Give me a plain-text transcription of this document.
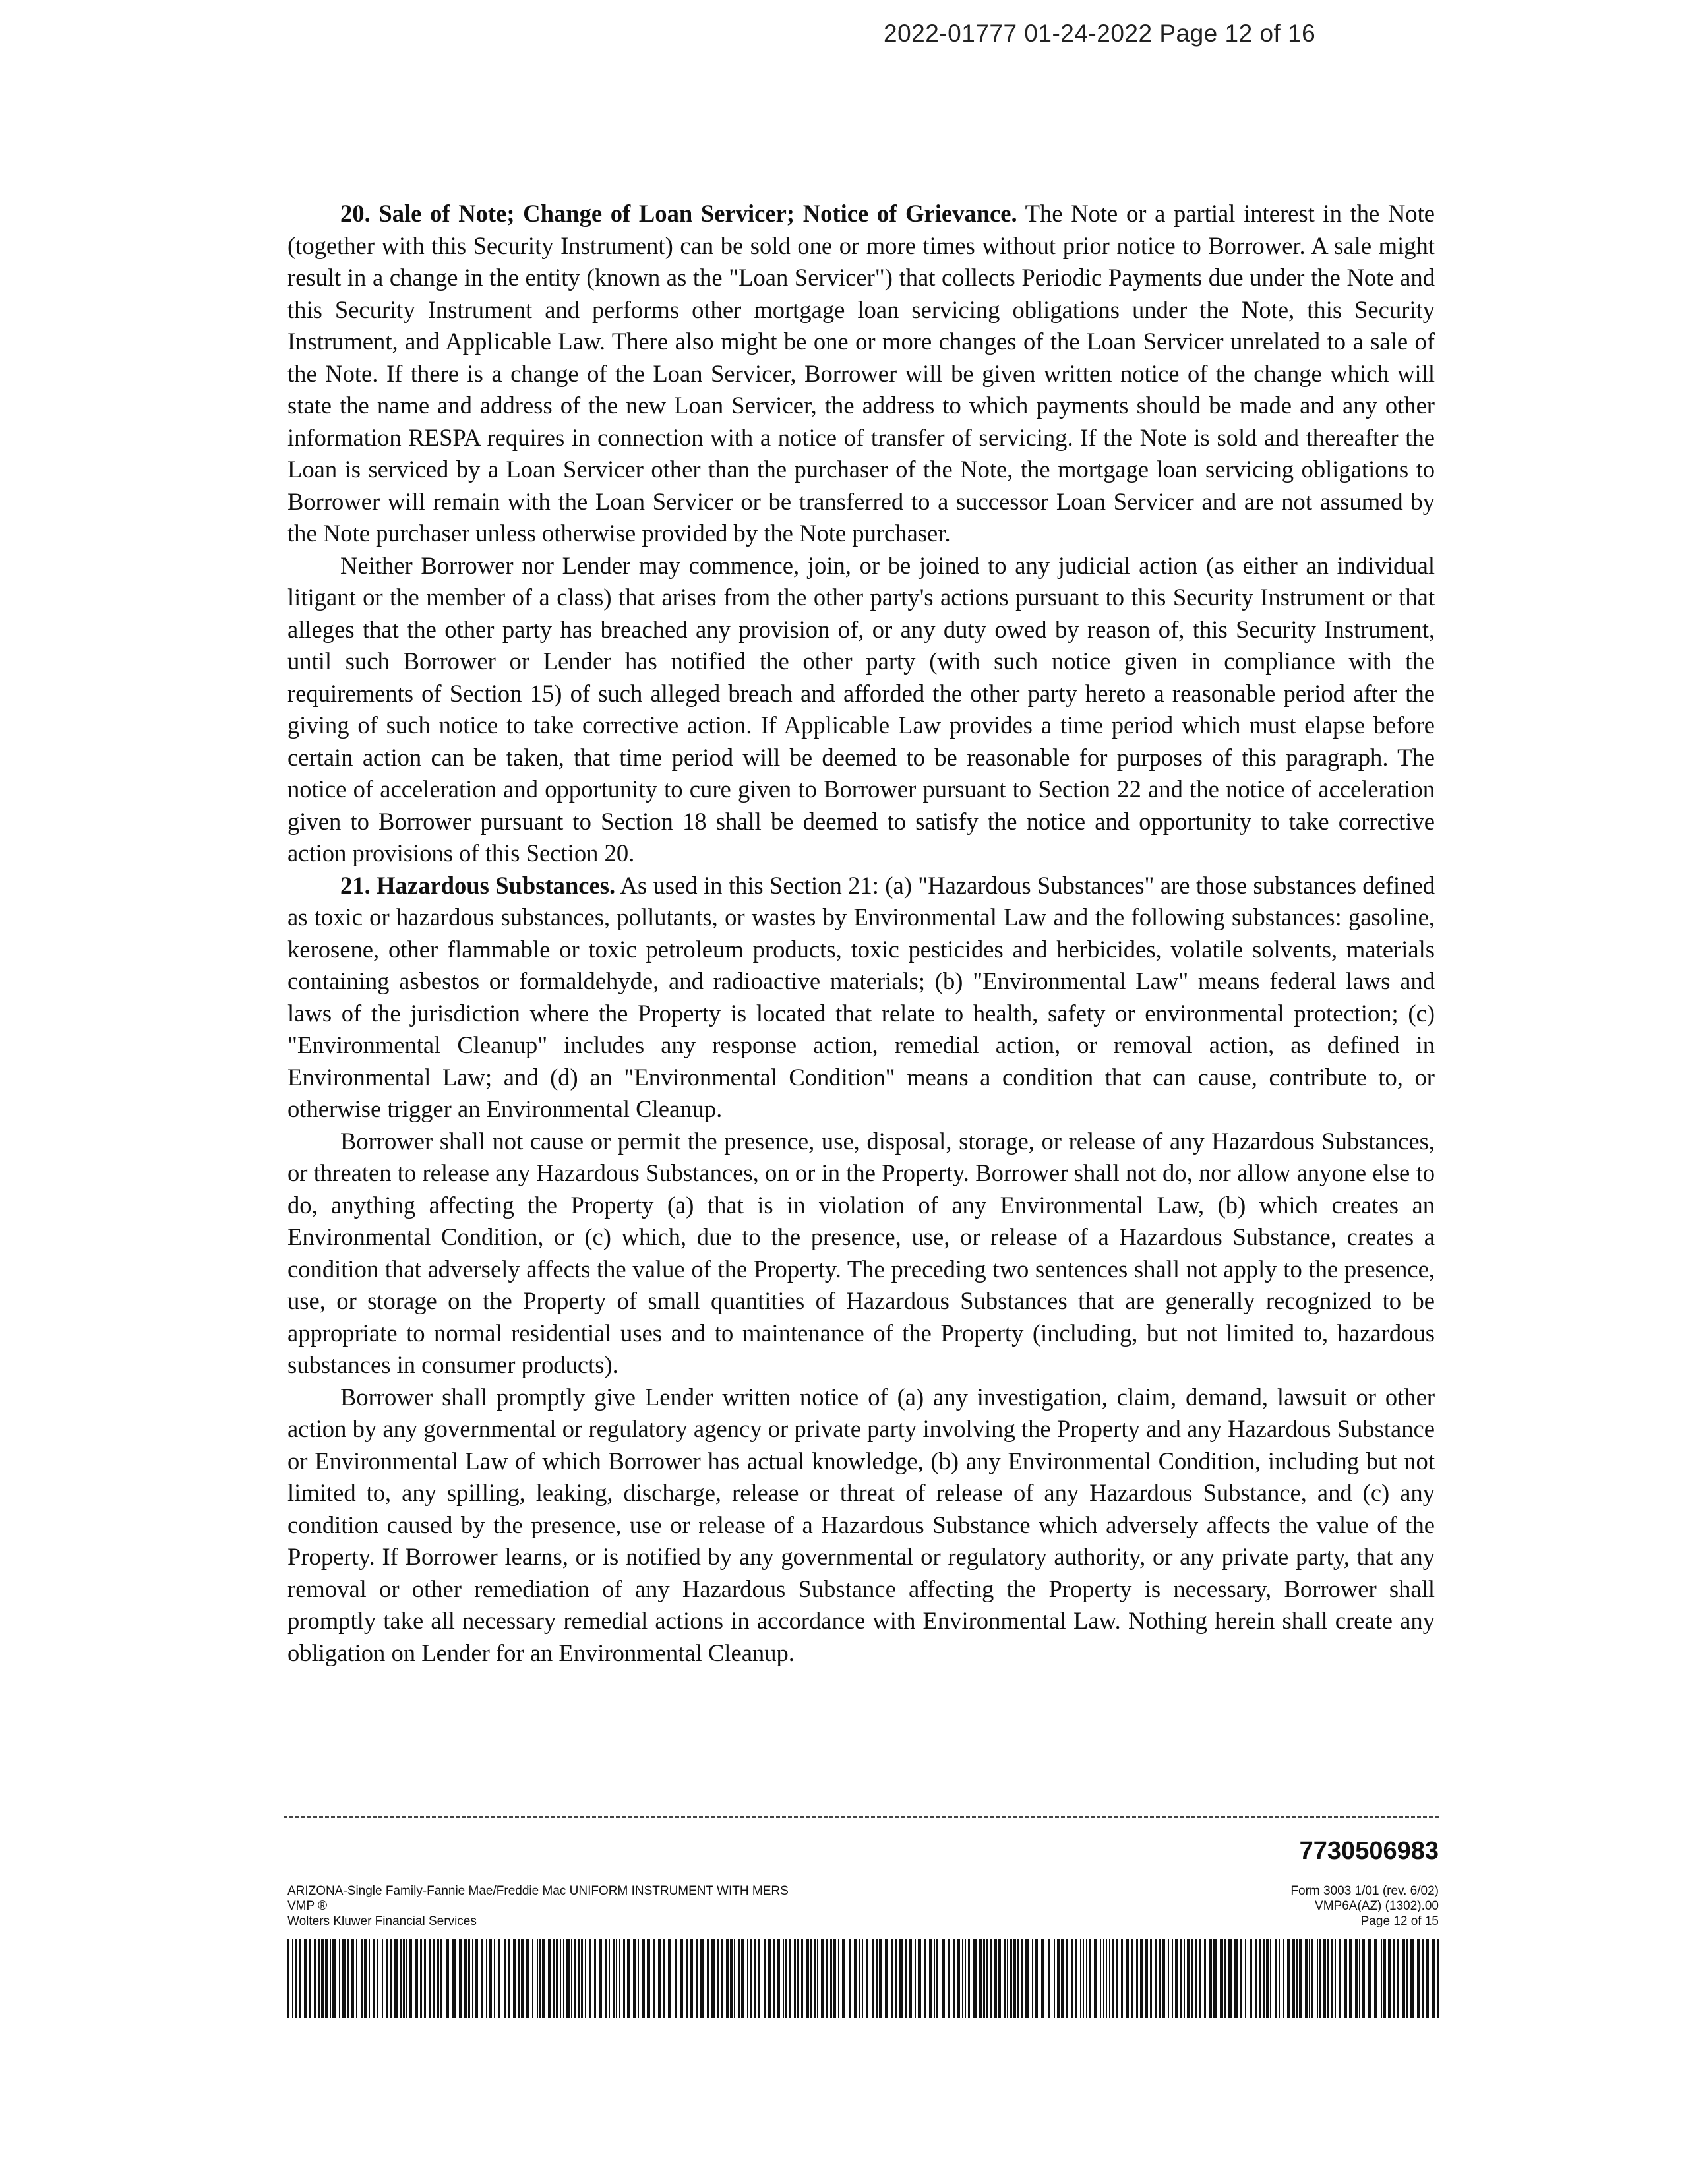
2022-01777 01-24-2022 Page 12 of 16

20. Sale of Note; Change of Loan Servicer; Notice of Grievance. The Note or a partial interest in the Note (together with this Security Instrument) can be sold one or more times without prior notice to Borrower. A sale might result in a change in the entity (known as the "Loan Servicer") that collects Periodic Payments due under the Note and this Security Instrument and performs other mortgage loan servicing obligations under the Note, this Security Instrument, and Applicable Law. There also might be one or more changes of the Loan Servicer unrelated to a sale of the Note. If there is a change of the Loan Servicer, Borrower will be given written notice of the change which will state the name and address of the new Loan Servicer, the address to which payments should be made and any other information RESPA requires in connection with a notice of transfer of servicing. If the Note is sold and thereafter the Loan is serviced by a Loan Servicer other than the purchaser of the Note, the mortgage loan servicing obligations to Borrower will remain with the Loan Servicer or be transferred to a successor Loan Servicer and are not assumed by the Note purchaser unless otherwise provided by the Note purchaser.

Neither Borrower nor Lender may commence, join, or be joined to any judicial action (as either an individual litigant or the member of a class) that arises from the other party's actions pursuant to this Security Instrument or that alleges that the other party has breached any provision of, or any duty owed by reason of, this Security Instrument, until such Borrower or Lender has notified the other party (with such notice given in compliance with the requirements of Section 15) of such alleged breach and afforded the other party hereto a reasonable period after the giving of such notice to take corrective action. If Applicable Law provides a time period which must elapse before certain action can be taken, that time period will be deemed to be reasonable for purposes of this paragraph. The notice of acceleration and opportunity to cure given to Borrower pursuant to Section 22 and the notice of acceleration given to Borrower pursuant to Section 18 shall be deemed to satisfy the notice and opportunity to take corrective action provisions of this Section 20.

21. Hazardous Substances. As used in this Section 21: (a) "Hazardous Substances" are those substances defined as toxic or hazardous substances, pollutants, or wastes by Environmental Law and the following substances: gasoline, kerosene, other flammable or toxic petroleum products, toxic pesticides and herbicides, volatile solvents, materials containing asbestos or formaldehyde, and radioactive materials; (b) "Environmental Law" means federal laws and laws of the jurisdiction where the Property is located that relate to health, safety or environmental protection; (c) "Environmental Cleanup" includes any response action, remedial action, or removal action, as defined in Environmental Law; and (d) an "Environmental Condition" means a condition that can cause, contribute to, or otherwise trigger an Environmental Cleanup.

Borrower shall not cause or permit the presence, use, disposal, storage, or release of any Hazardous Substances, or threaten to release any Hazardous Substances, on or in the Property. Borrower shall not do, nor allow anyone else to do, anything affecting the Property (a) that is in violation of any Environmental Law, (b) which creates an Environmental Condition, or (c) which, due to the presence, use, or release of a Hazardous Substance, creates a condition that adversely affects the value of the Property. The preceding two sentences shall not apply to the presence, use, or storage on the Property of small quantities of Hazardous Substances that are generally recognized to be appropriate to normal residential uses and to maintenance of the Property (including, but not limited to, hazardous substances in consumer products).

Borrower shall promptly give Lender written notice of (a) any investigation, claim, demand, lawsuit or other action by any governmental or regulatory agency or private party involving the Property and any Hazardous Substance or Environmental Law of which Borrower has actual knowledge, (b) any Environmental Condition, including but not limited to, any spilling, leaking, discharge, release or threat of release of any Hazardous Substance, and (c) any condition caused by the presence, use or release of a Hazardous Substance which adversely affects the value of the Property. If Borrower learns, or is notified by any governmental or regulatory authority, or any private party, that any removal or other remediation of any Hazardous Substance affecting the Property is necessary, Borrower shall promptly take all necessary remedial actions in accordance with Environmental Law. Nothing herein shall create any obligation on Lender for an Environmental Cleanup.

7730506983
ARIZONA-Single Family-Fannie Mae/Freddie Mac UNIFORM INSTRUMENT WITH MERS
VMP ®
Wolters Kluwer Financial Services
Form 3003 1/01 (rev. 6/02)
VMP6A(AZ) (1302).00
Page 12 of 15
